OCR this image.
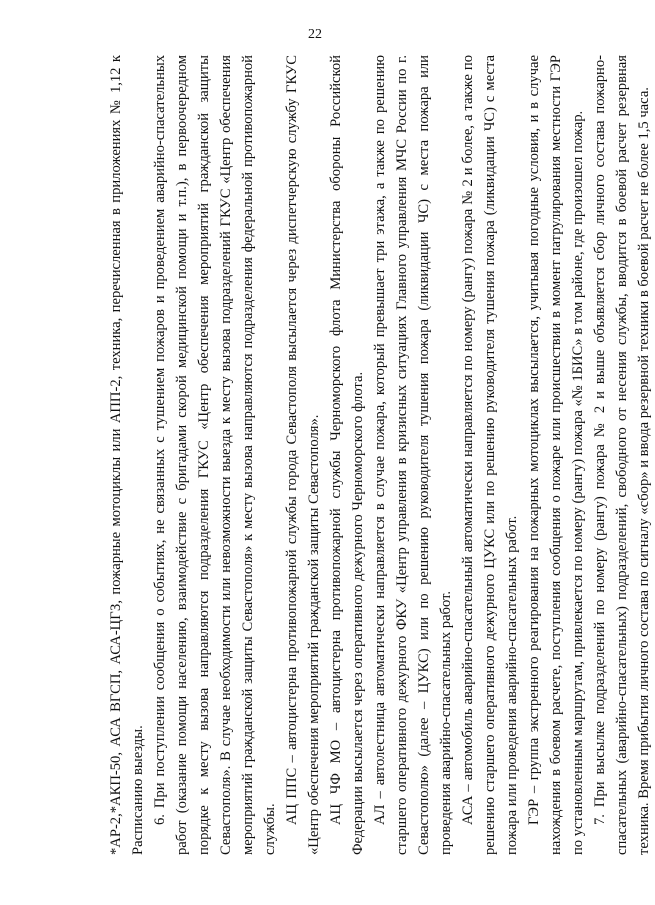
22

*АР-2,*АКП-50, АСА ВГСП, АСА-ЦГЗ, пожарные мотоциклы или АПП-2, техника, перечисленная в приложениях № 1,12 к Расписанию выезды. 6. При поступлении сообщения о событиях, не связанных с тушением пожаров и проведением аварийно-спасательных работ (оказание помощи населению, взаимодействие с бригадами скорой медицинской помощи и т.п.), в первоочередном порядке к месту вызова направляются подразделения ГКУС «Центр обеспечения мероприятий гражданской защиты Севастополя». В случае необходимости или невозможности выезда к месту вызова подразделений ГКУС «Центр обеспечения мероприятий гражданской защиты Севастополя» к месту вызова направляются подразделения федеральной противопожарной службы.

АЦ ППС – автоцистерна противопожарной службы города Севастополя высылается через диспетчерскую службу ГКУС «Центр обеспечения мероприятий гражданской защиты Севастополя». АЦ ЧФ МО – автоцистерна противопожарной службы Черноморского флота Министерства обороны Российской Федерации высылается через оперативного дежурного Черноморского флота. АЛ – автолестница автоматически направляется в случае пожара, который превышает три этажа, а также по решению старшего оперативного дежурного ФКУ «Центр управления в кризисных ситуациях Главного управления МЧС России по г. Севастополю» (далее – ЦУКС) или по решению руководителя тушения пожара (ликвидации ЧС) с места пожара или проведения аварийно-спасательных работ. АСА – автомобиль аварийно-спасательный автоматически направляется по номеру (рангу) пожара № 2 и более, а также по решению старшего оперативного дежурного ЦУКС или по решению руководителя тушения пожара (ликвидации ЧС) с места пожара или проведения аварийно-спасательных работ. ГЭР – группа экстренного реагирования на пожарных мотоциклах высылается, учитывая погодные условия, и в случае нахождения в боевом расчете, поступления сообщения о пожаре или происшествии в момент патрулирования местности ГЭР по установленным маршрутам, привлекается по номеру (рангу) пожара «№ 1БИС» в том районе, где произошел пожар. 7. При высылке подразделений по номеру (рангу) пожара № 2 и выше объявляется сбор личного состава пожарно-спасательных (аварийно-спасательных) подразделений, свободного от несения службы, вводится в боевой расчет резервная техника. Время прибытия личного состава по сигналу «сбор» и ввода резервной техники в боевой расчет не более 1,5 часа.
